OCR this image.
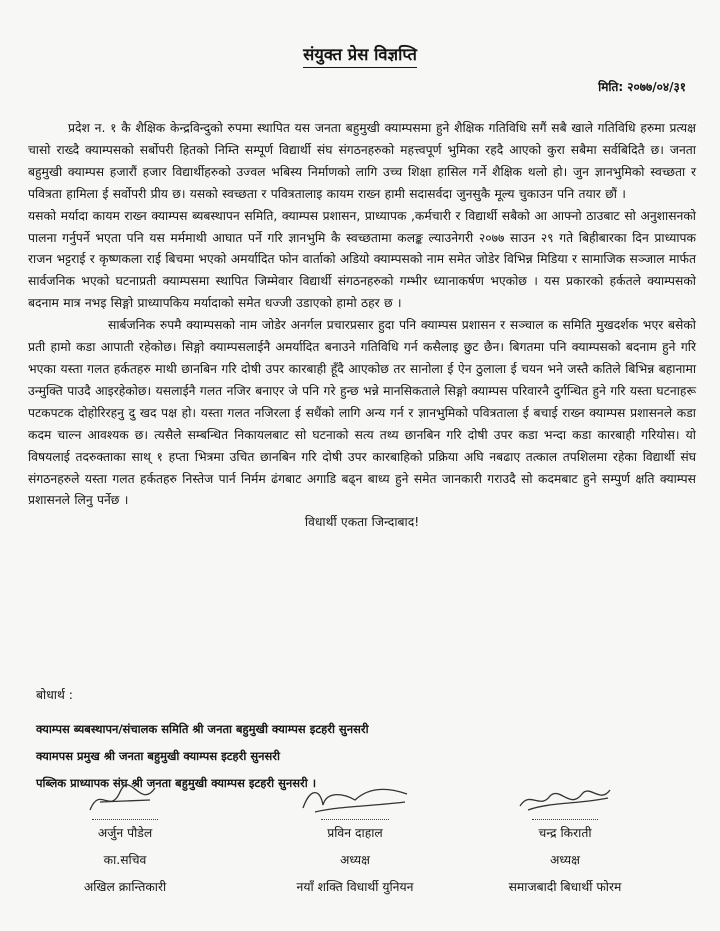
संयुक्त प्रेस विज्ञप्ति
मिति: २०७७/०४/३१

प्रदेश न. १ कै शैक्षिक केन्द्रविन्दुको रुपमा स्थापित यस जनता बहुमुखी क्याम्पसमा हुने शैक्षिक गतिविधि सगैं सबै खाले गतिविधि हरुमा प्रत्यक्ष चासो राख्दै क्याम्पसको सर्बोपरी हितको निम्ति सम्पूर्ण विद्यार्थी संघ संगठनहरुको महत्त्वपूर्ण भुमिका रहदै आएको कुरा सबैमा सर्वबिदितै छ। जनता बहुमुखी क्याम्पस हजारौं हजार विद्यार्थीहरुको उज्वल भबिस्य निर्माणको लागि उच्च शिक्षा हासिल गर्ने शैक्षिक थलो हो। जुन ज्ञानभुमिको स्वच्छता र पवित्रता हामिला ई सर्वोपरी प्रीय छ। यसको स्वच्छता र पवित्रतालाइ कायम राख्न हामी सदासर्वदा जुनसुकै मूल्य चुकाउन पनि तयार छौं ।

यसको मर्यादा कायम राख्न क्याम्पस ब्यबस्थापन समिति, क्याम्पस प्रशासन, प्राध्यापक ,कर्मचारी र विद्यार्थी सबैको आ आफ्नो ठाउबाट सो अनुशासनको पालना गर्नुपर्ने भएता पनि यस मर्ममाथी आघात पर्ने गरि ज्ञानभुमि कै स्वच्छतामा कलङ्क ल्याउनेगरी २०७७ साउन २९ गते बिहीबारका दिन प्राध्यापक राजन भट्टराई र कृष्णकला राई बिचमा भएको अमर्यादित फोन वार्ताको अडियो क्याम्पसको नाम समेत जोडेर विभिन्न मिडिया र सामाजिक सञ्जाल मार्फत सार्वजनिक भएको घटनाप्रती क्याम्पसमा स्थापित जिम्मेवार विद्यार्थी संगठनहरुको गम्भीर ध्यानाकर्षण भएकोछ । यस प्रकारको हर्कतले क्याम्पसको बदनाम मात्र नभइ सिङ्गो प्राध्यापकिय मर्यादाको समेत धज्जी उडाएको हामो ठहर छ ।

सार्बजनिक रुपमै क्याम्पसको नाम जोडेर अनर्गल प्रचारप्रसार हुदा पनि क्याम्पस प्रशासन र सञ्चाल क समिति मुखदर्शक भएर बसेको प्रती हामो कडा आपाती रहेकोछ। सिङ्गो क्याम्पसलाईनै अमर्यादित बनाउने गतिविधि गर्न कसैलाइ छुट छैन। बिगतमा पनि क्याम्पसको बदनाम हुने गरि भएका यस्ता गलत हर्कतहरु माथी छानबिन गरि दोषी उपर कारबाही हूँदै आएकोछ तर सानोला ई ऐन ठुलाला ई चयन भने जस्तै कतिले बिभिन्न बहानामा उन्मुक्ति पाउदै आइरहेकोछ। यसलाईनै गलत नजिर बनाएर जे पनि गरे हुन्छ भन्ने मानसिकताले सिङ्गो क्याम्पस परिवारनै दुर्गन्धित हुने गरि यस्ता घटनाहरू पटकपटक दोहोरिरहनु दु खद पक्ष हो। यस्ता गलत नजिरला ई सधैंको लागि अन्य गर्न र ज्ञानभुमिको पवित्रताला ई बचाई राख्न क्याम्पस प्रशासनले कडा कदम चाल्न आवश्यक छ। त्यसैले सम्बन्धित निकायलबाट सो घटनाको सत्य तथ्य छानबिन गरि दोषी उपर कडा भन्दा कडा कारबाही गरियोस। यो विषयलाई तदरुक्ताका साथ् १ हप्ता भित्रमा उचित छानबिन गरि दोषी उपर कारबाहिको प्रक्रिया अघि नबढाए तत्काल तपशिलमा रहेका विद्यार्थी संघ संगठनहरुले यस्ता गलत हर्कतहरु निस्तेज पार्न निर्मम ढंगबाट अगाडि बढ्न बाध्य हुने समेत जानकारी गराउदै सो कदमबाट हुने सम्पुर्ण क्षति क्याम्पस प्रशासनले लिनु पर्नेछ ।

विधार्थी एकता जिन्दाबाद!

बोधार्थ :
क्याम्पस ब्यबस्थापन/संचालक समिति श्री जनता बहुमुखी क्याम्पस इटहरी सुनसरी
क्यामपस प्रमुख श्री जनता बहुमुखी क्याम्पस इटहरी सुनसरी
पब्लिक प्राध्यापक संघ श्री जनता बहुमुखी क्याम्पस इटहरी सुनसरी ।
अर्जुन पौडेल
का.सचिव
अखिल क्रान्तिकारी
प्रविन दाहाल
अध्यक्ष
नयाँ शक्ति विधार्थी युनियन
चन्द्र किराती
अध्यक्ष
समाजबादी बिधार्थी फोरम
